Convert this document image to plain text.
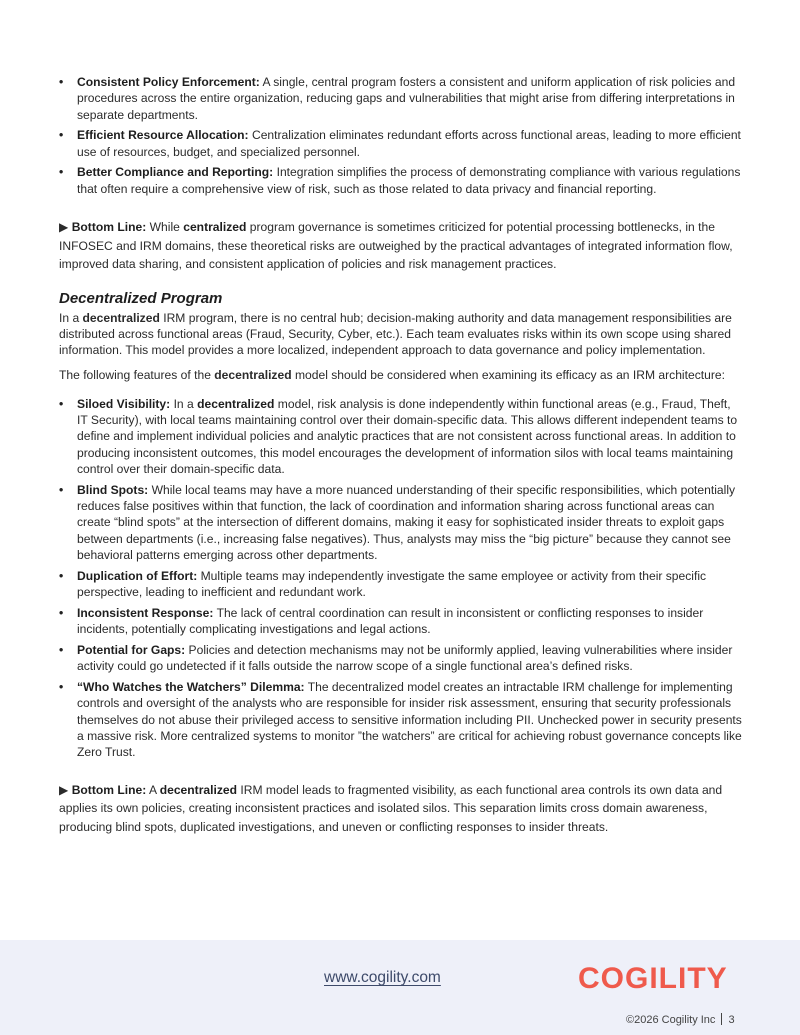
• Consistent Policy Enforcement: A single, central program fosters a consistent and uniform application of risk policies and procedures across the entire organization, reducing gaps and vulnerabilities that might arise from differing interpretations in separate departments.
• Efficient Resource Allocation: Centralization eliminates redundant efforts across functional areas, leading to more efficient use of resources, budget, and specialized personnel.
• Better Compliance and Reporting: Integration simplifies the process of demonstrating compliance with various regulations that often require a comprehensive view of risk, such as those related to data privacy and financial reporting.

▶ Bottom Line: While centralized program governance is sometimes criticized for potential processing bottlenecks, in the INFOSEC and IRM domains, these theoretical risks are outweighed by the practical advantages of integrated information flow, improved data sharing, and consistent application of policies and risk management practices.

Decentralized Program

In a decentralized IRM program, there is no central hub; decision-making authority and data management responsibilities are distributed across functional areas (Fraud, Security, Cyber, etc.). Each team evaluates risks within its own scope using shared information. This model provides a more localized, independent approach to data governance and policy implementation.

The following features of the decentralized model should be considered when examining its efficacy as an IRM architecture:

• Siloed Visibility: In a decentralized model, risk analysis is done independently within functional areas (e.g., Fraud, Theft, IT Security), with local teams maintaining control over their domain-specific data. This allows different independent teams to define and implement individual policies and analytic practices that are not consistent across functional areas. In addition to producing inconsistent outcomes, this model encourages the development of information silos with local teams maintaining control over their domain-specific data.
• Blind Spots: While local teams may have a more nuanced understanding of their specific responsibilities, which potentially reduces false positives within that function, the lack of coordination and information sharing across functional areas can create “blind spots” at the intersection of different domains, making it easy for sophisticated insider threats to exploit gaps between departments (i.e., increasing false negatives). Thus, analysts may miss the “big picture” because they cannot see behavioral patterns emerging across other departments.
• Duplication of Effort: Multiple teams may independently investigate the same employee or activity from their specific perspective, leading to inefficient and redundant work.
• Inconsistent Response: The lack of central coordination can result in inconsistent or conflicting responses to insider incidents, potentially complicating investigations and legal actions.
• Potential for Gaps: Policies and detection mechanisms may not be uniformly applied, leaving vulnerabilities where insider activity could go undetected if it falls outside the narrow scope of a single functional area’s defined risks.
• “Who Watches the Watchers” Dilemma: The decentralized model creates an intractable IRM challenge for implementing controls and oversight of the analysts who are responsible for insider risk assessment, ensuring that security professionals themselves do not abuse their privileged access to sensitive information including PII. Unchecked power in security presents a massive risk. More centralized systems to monitor ”the watchers” are critical for achieving robust governance concepts like Zero Trust.

▶ Bottom Line: A decentralized IRM model leads to fragmented visibility, as each functional area controls its own data and applies its own policies, creating inconsistent practices and isolated silos. This separation limits cross domain awareness, producing blind spots, duplicated investigations, and uneven or conflicting responses to insider threats.

www.cogility.com	COGILITY
©2026 Cogility Inc 3
